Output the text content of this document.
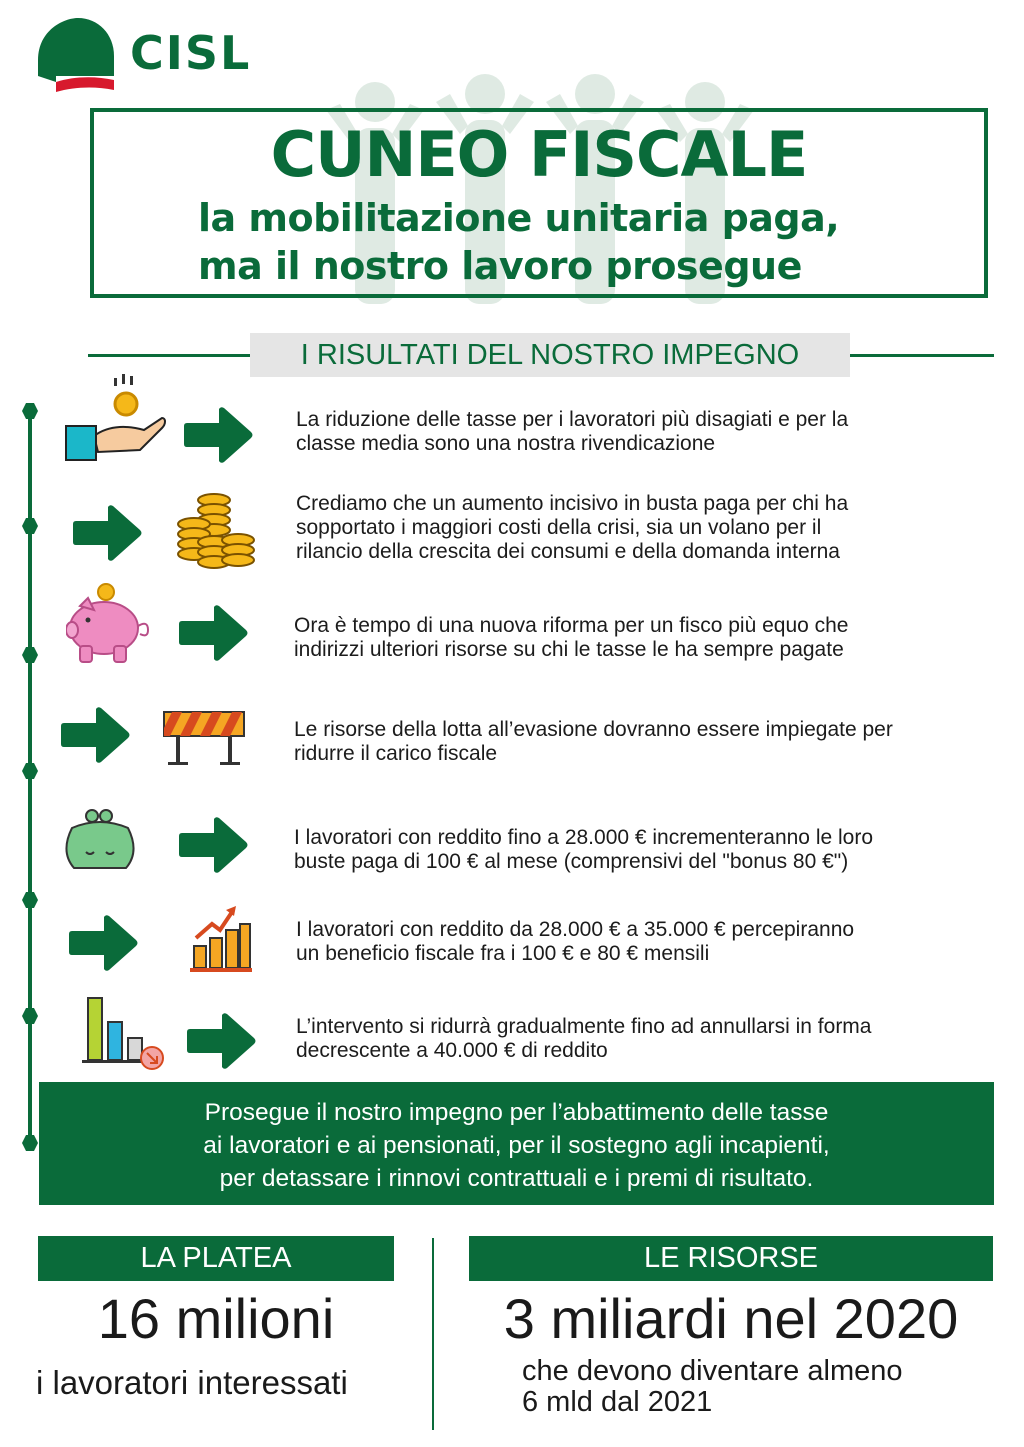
CISL
CUNEO FISCALE
la mobilitazione unitaria paga,
ma il nostro lavoro prosegue
I RISULTATI DEL NOSTRO IMPEGNO
La riduzione delle tasse per i lavoratori più disagiati e per la
classe media sono una nostra rivendicazione
Crediamo che un aumento incisivo in busta paga per chi ha
sopportato i maggiori costi della crisi, sia un volano per il
rilancio della crescita dei consumi e della domanda interna
Ora è tempo di una nuova riforma per un fisco più equo che
indirizzi ulteriori risorse su chi le tasse le ha sempre pagate
Le risorse della lotta all’evasione dovranno essere impiegate per
ridurre il carico fiscale
I lavoratori con reddito fino a 28.000 € incrementeranno le loro
buste paga di 100 € al mese (comprensivi del "bonus 80 €")
I lavoratori con reddito da 28.000 € a 35.000 € percepiranno
un beneficio fiscale fra i 100 € e 80 € mensili
L’intervento si ridurrà gradualmente fino ad annullarsi in forma
decrescente a 40.000 € di reddito
Prosegue il nostro impegno per l’abbattimento delle tasse
ai lavoratori e ai pensionati, per il sostegno agli incapienti,
per detassare i rinnovi contrattuali e i premi di risultato.
LA PLATEA	LE RISORSE
16 milioni	3 miliardi nel 2020
i lavoratori interessati	che devono diventare almeno
6 mld dal 2021
